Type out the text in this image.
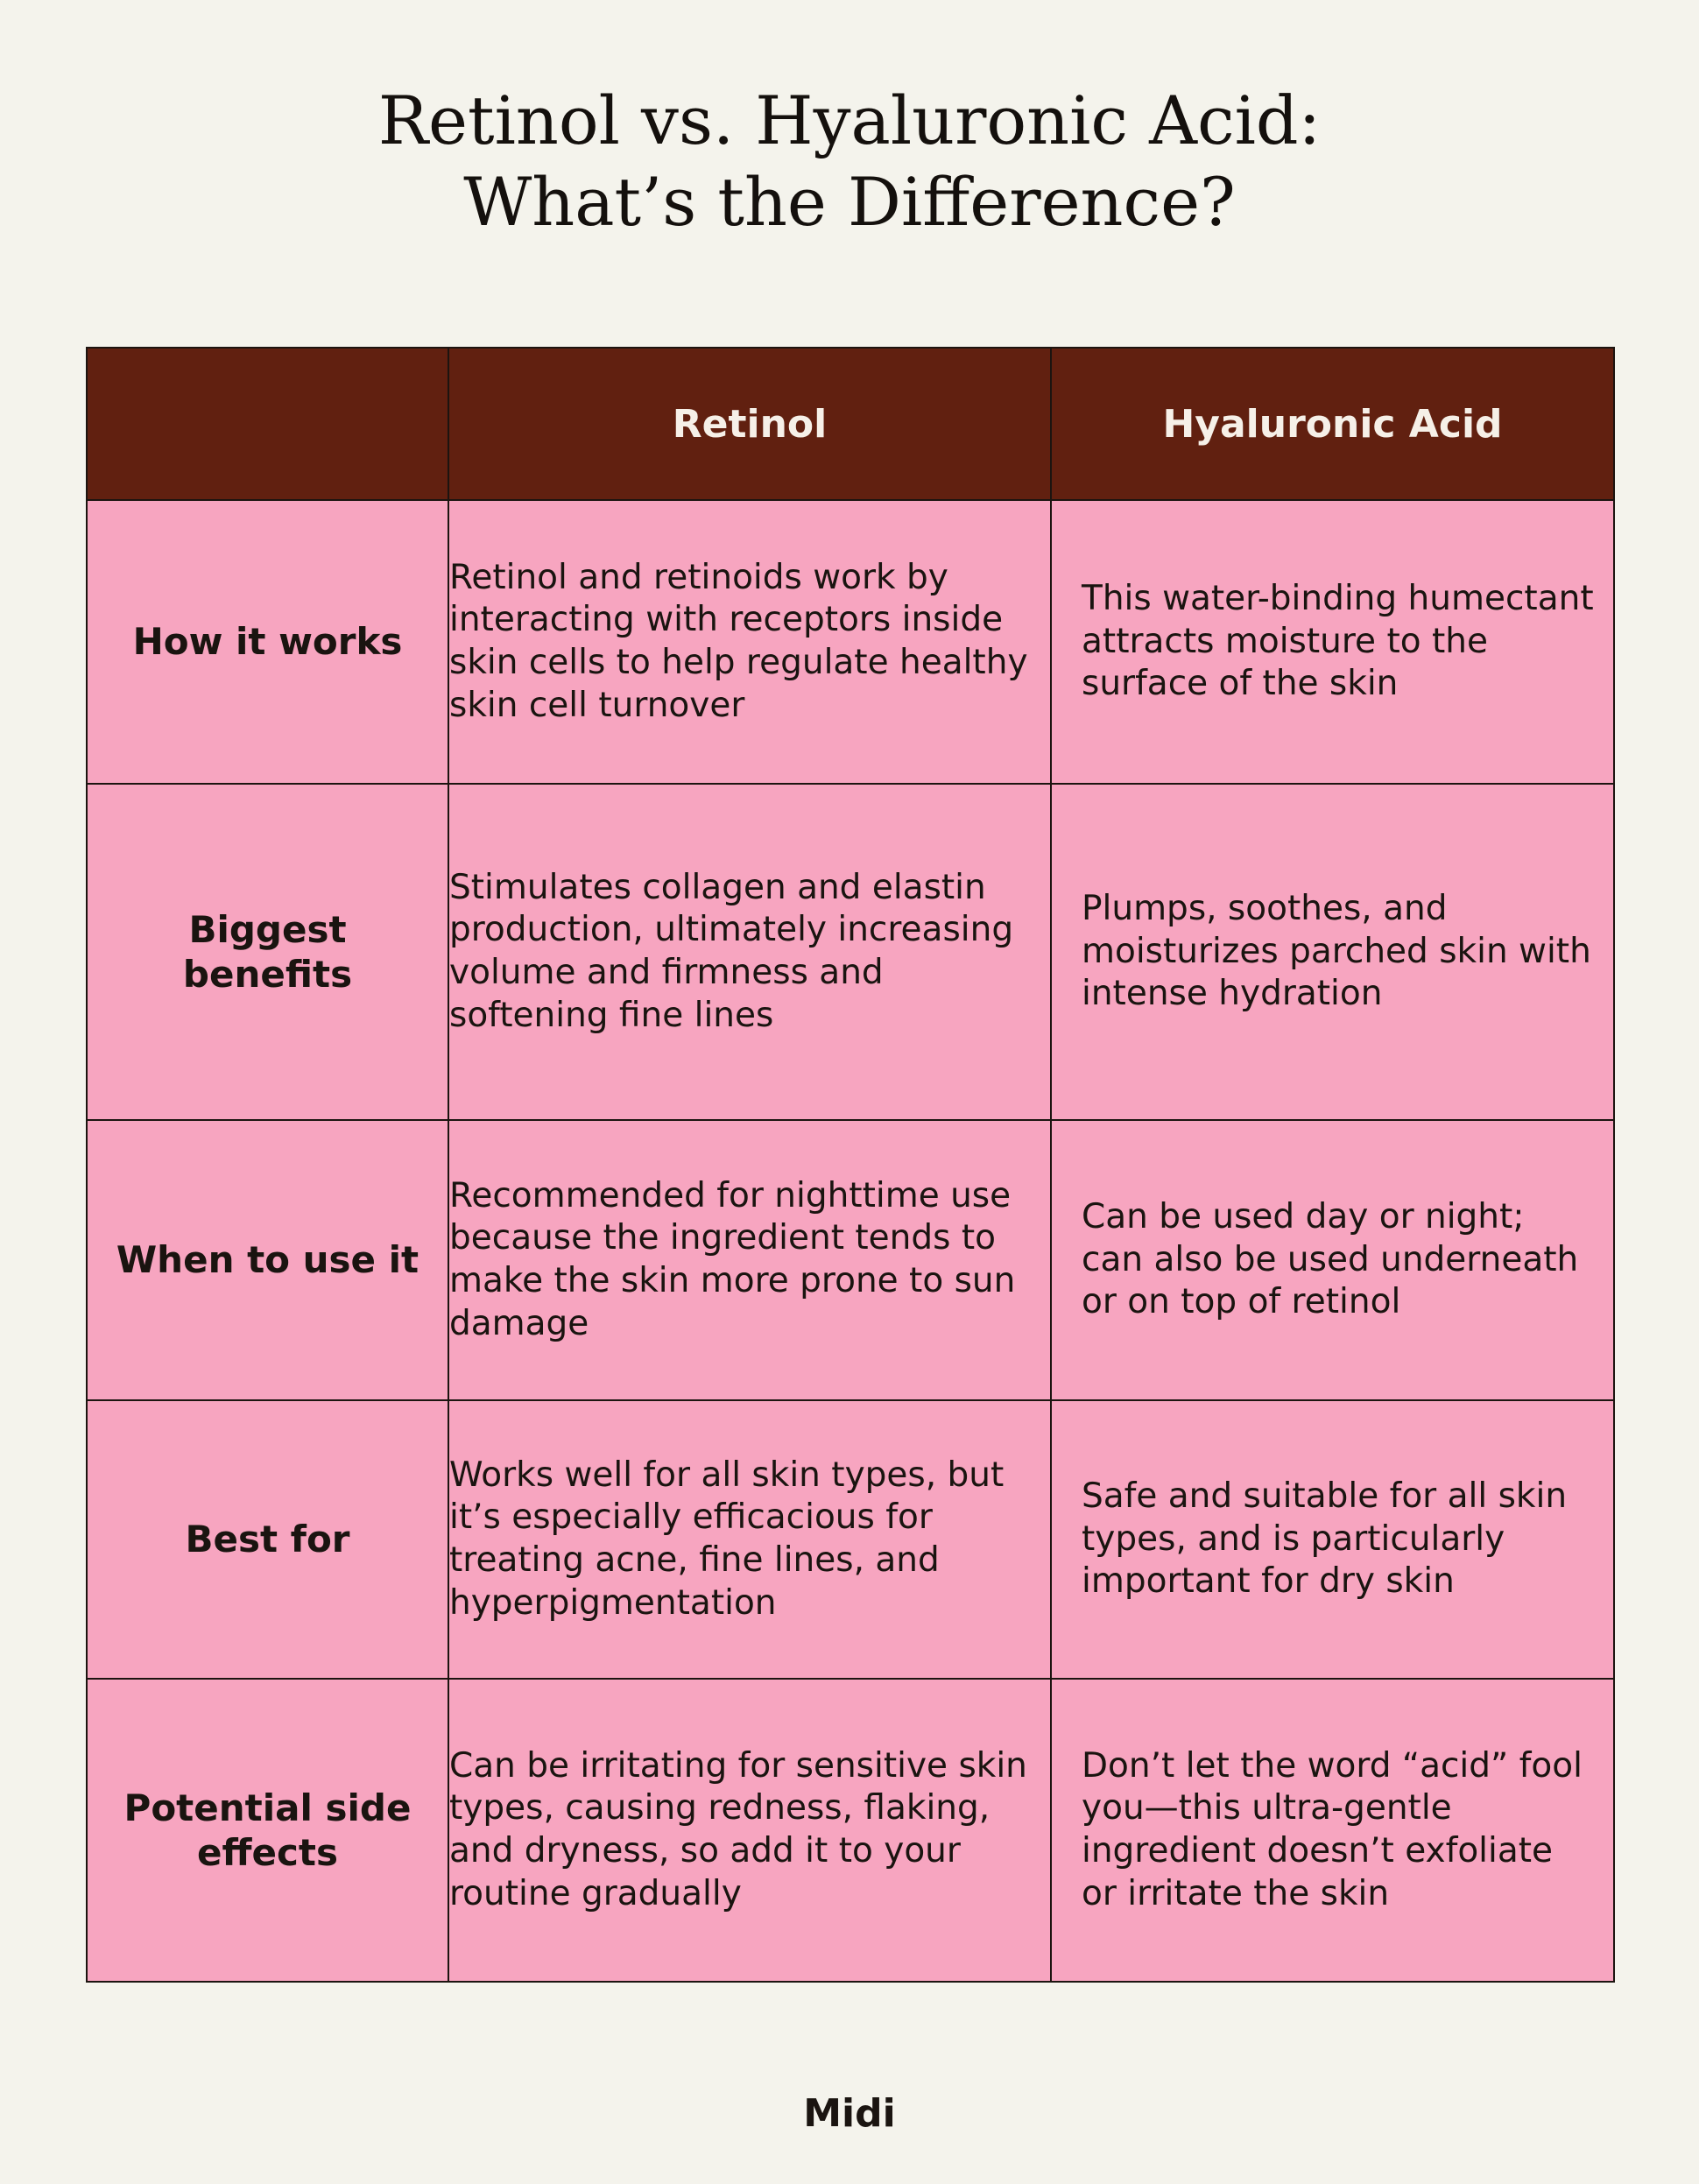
Retinol vs. Hyaluronic Acid:
What’s the Difference?
	Retinol	Hyaluronic Acid
How it works	Retinol and retinoids work by interacting with receptors inside skin cells to help regulate healthy skin cell turnover	This water-binding humectant attracts moisture to the surface of the skin
Biggest benefits	Stimulates collagen and elastin production, ultimately increasing volume and firmness and softening fine lines	Plumps, soothes, and moisturizes parched skin with intense hydration
When to use it	Recommended for nighttime use because the ingredient tends to make the skin more prone to sun damage	Can be used day or night; can also be used underneath or on top of retinol
Best for	Works well for all skin types, but it’s especially efficacious for treating acne, fine lines, and hyperpigmentation	Safe and suitable for all skin types, and is particularly important for dry skin
Potential side effects	Can be irritating for sensitive skin types, causing redness, flaking, and dryness, so add it to your routine gradually	Don’t let the word “acid” fool you—this ultra-gentle ingredient doesn’t exfoliate or irritate the skin
Midi
